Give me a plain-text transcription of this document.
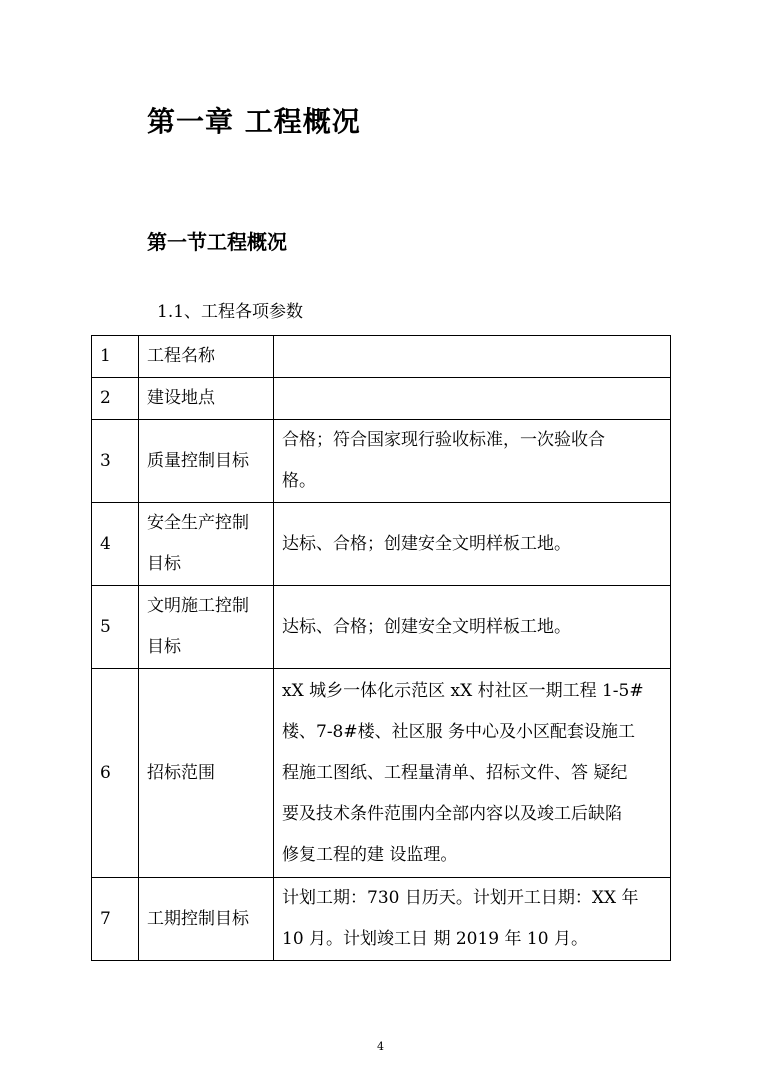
第一章 工程概况
第一节工程概况
1.1、工程各项参数
1	工程名称	

2	建设地点	

3	质量控制目标	合格；符合国家现行验收标准，一次验收合
格。

4	安全生产控制
目标	达标、合格；创建安全文明样板工地。

5	文明施工控制
目标	达标、合格；创建安全文明样板工地。

6	招标范围	xX 城乡一体化示范区 xX 村社区一期工程 1-5#
楼、7-8#楼、社区服 务中心及小区配套设施工
程施工图纸、工程量清单、招标文件、答 疑纪
要及技术条件范围内全部内容以及竣工后缺陷
修复工程的建 设监理。

7	工期控制目标	计划工期：730 日历天。计划开工日期：XX 年
10 月。计划竣工日 期 2019 年 10 月。
4
